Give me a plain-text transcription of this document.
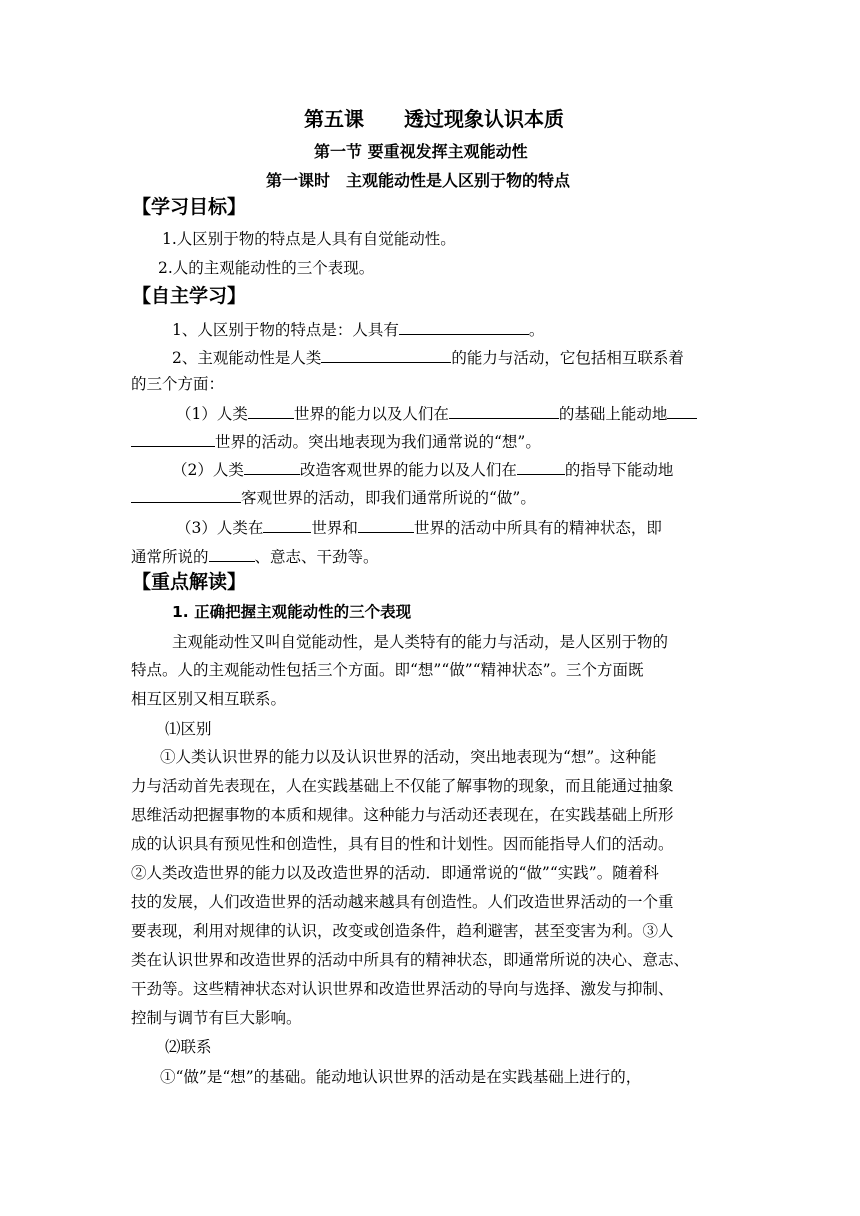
第五课　　透过现象认识本质
第一节 要重视发挥主观能动性
第一课时　主观能动性是人区别于物的特点
【学习目标】
1.人区别于物的特点是人具有自觉能动性。
2.人的主观能动性的三个表现。
【自主学习】
1、人区别于物的特点是：人具有	。
2、主观能动性是人类	的能力与活动，它包括相互联系着
的三个方面：
（1）人类	世界的能力以及人们在	的基础上能动地
世界的活动。突出地表现为我们通常说的“想”。
（2）人类	改造客观世界的能力以及人们在	的指导下能动地
客观世界的活动，即我们通常所说的“做”。
（3）人类在	世界和	世界的活动中所具有的精神状态，即
通常所说的	、意志、干劲等。
【重点解读】
1. 正确把握主观能动性的三个表现
主观能动性又叫自觉能动性，是人类特有的能力与活动，是人区别于物的
特点。人的主观能动性包括三个方面。即“想”“做”“精神状态”。三个方面既
相互区别又相互联系。
⑴区别
①人类认识世界的能力以及认识世界的活动，突出地表现为“想”。这种能
力与活动首先表现在，人在实践基础上不仅能了解事物的现象，而且能通过抽象
思维活动把握事物的本质和规律。这种能力与活动还表现在，在实践基础上所形
成的认识具有预见性和创造性，具有目的性和计划性。因而能指导人们的活动。
②人类改造世界的能力以及改造世界的活动．即通常说的“做”“实践”。随着科
技的发展，人们改造世界的活动越来越具有创造性。人们改造世界活动的一个重
要表现，利用对规律的认识，改变或创造条件，趋利避害，甚至变害为利。③人
类在认识世界和改造世界的活动中所具有的精神状态，即通常所说的决心、意志、
干劲等。这些精神状态对认识世界和改造世界活动的导向与选择、激发与抑制、
控制与调节有巨大影响。
⑵联系
①“做”是“想”的基础。能动地认识世界的活动是在实践基础上进行的，
